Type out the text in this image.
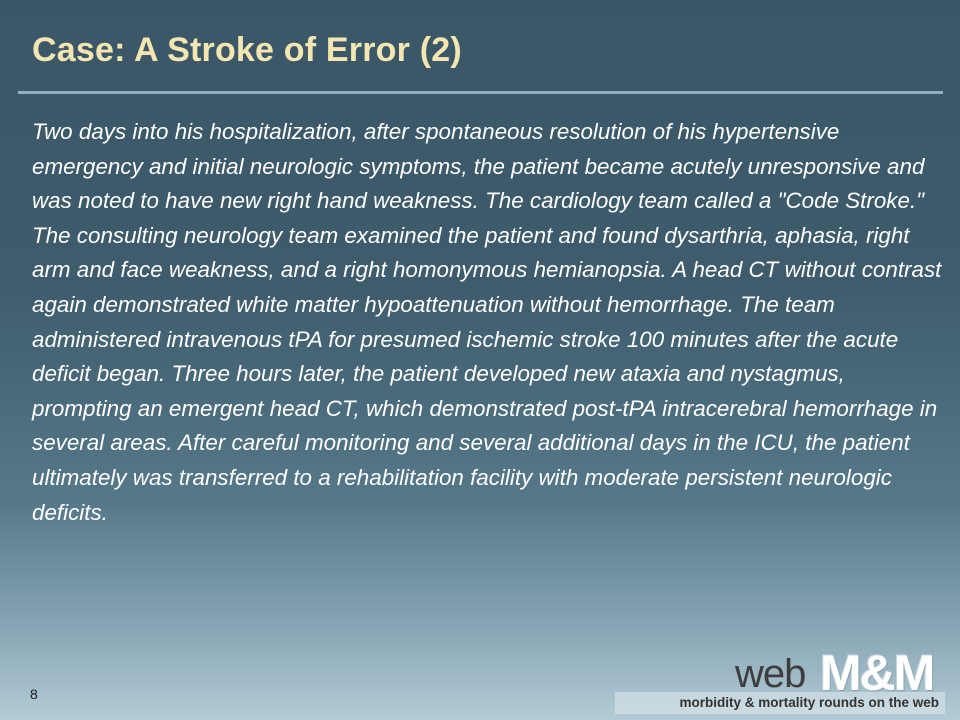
Case: A Stroke of Error (2)

Two days into his hospitalization, after spontaneous resolution of his hypertensive emergency and initial neurologic symptoms, the patient became acutely unresponsive and was noted to have new right hand weakness. The cardiology team called a "Code Stroke." The consulting neurology team examined the patient and found dysarthria, aphasia, right arm and face weakness, and a right homonymous hemianopsia. A head CT without contrast again demonstrated white matter hypoattenuation without hemorrhage. The team administered intravenous tPA for presumed ischemic stroke 100 minutes after the acute deficit began. Three hours later, the patient developed new ataxia and nystagmus, prompting an emergent head CT, which demonstrated post-tPA intracerebral hemorrhage in several areas. After careful monitoring and several additional days in the ICU, the patient ultimately was transferred to a rehabilitation facility with moderate persistent neurologic deficits.

8	web M&M
morbidity & mortality rounds on the web
